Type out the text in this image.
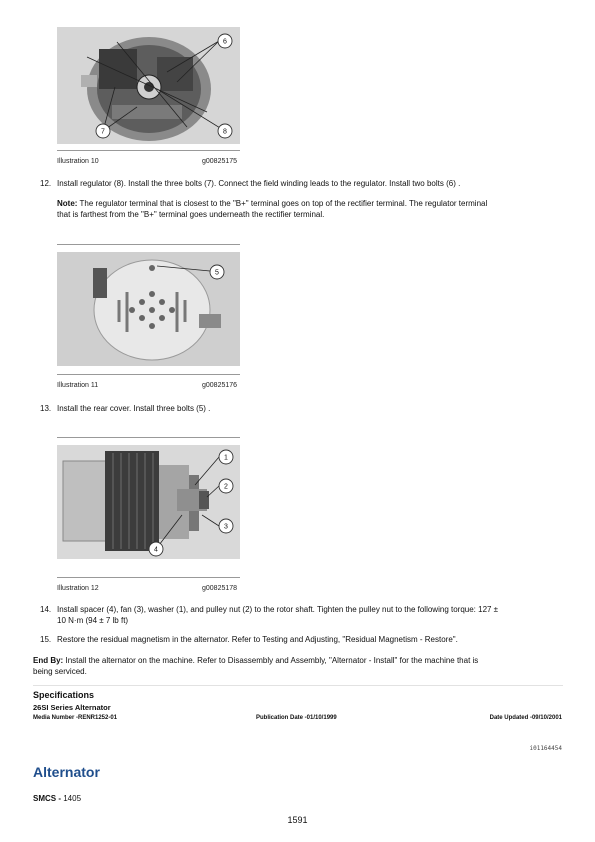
6
7	8
Illustration 10	g00825175
12. Install regulator (8). Install the three bolts (7). Connect the field winding leads to the regulator. Install two bolts (6) .
Note: The regulator terminal that is closest to the "B+" terminal goes on top of the rectifier terminal. The regulator terminal
that is farthest from the "B+" terminal goes underneath the rectifier terminal.
5
Illustration 11	g00825176
13. Install the rear cover. Install three bolts (5) .
1
2
3
4
Illustration 12	g00825178
14. Install spacer (4), fan (3), washer (1), and pulley nut (2) to the rotor shaft. Tighten the pulley nut to the following torque: 127 ±
10 N·m (94 ± 7 lb ft)
15. Restore the residual magnetism in the alternator. Refer to Testing and Adjusting, "Residual Magnetism - Restore".
End By: Install the alternator on the machine. Refer to Disassembly and Assembly, "Alternator - Install" for the machine that is
being serviced.
Specifications
26SI Series Alternator
Media Number -RENR1252-01	Publication Date -01/10/1999	Date Updated -09/10/2001
i01164454
Alternator
SMCS - 1405
1591
